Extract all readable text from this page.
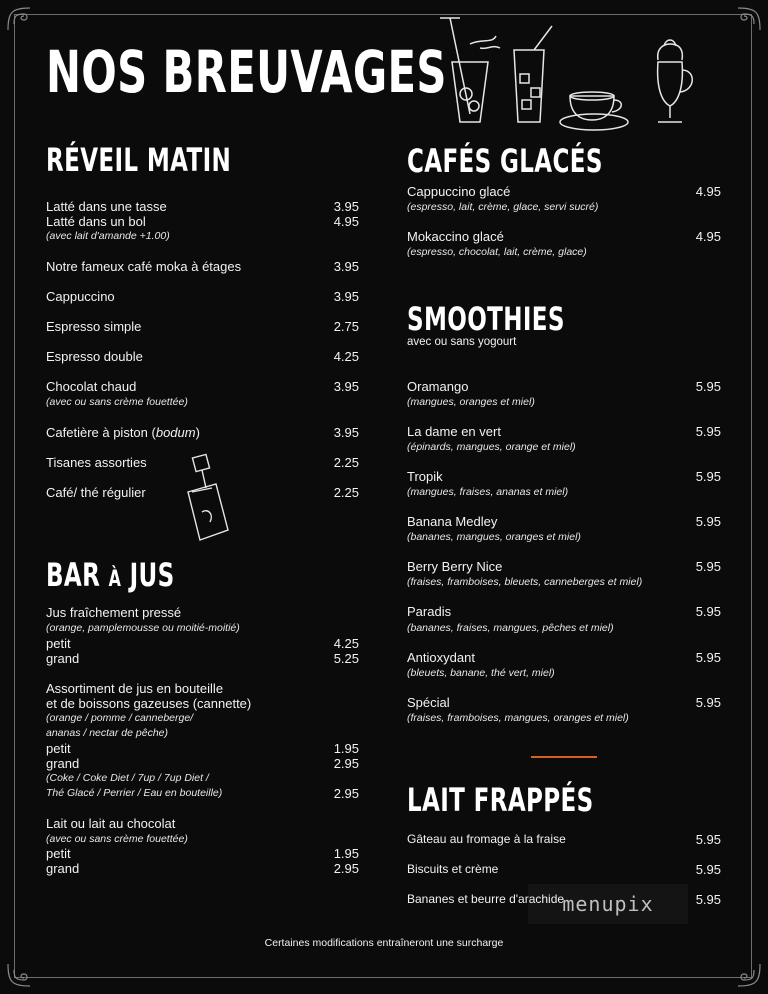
NOS BREUVAGES
RÉVEIL MATIN
Latté dans une tasse	3.95
Latté dans un bol	4.95
(avec lait d'amande +1.00)
Notre fameux café moka à étages	3.95
Cappuccino	3.95
Espresso simple	2.75
Espresso double	4.25
Chocolat chaud	3.95
(avec ou sans crème fouettée)
Cafetière à piston (bodum)	3.95
Tisanes assorties	2.25
Café/ thé régulier	2.25
BAR À JUS
Jus fraîchement pressé
(orange, pamplemousse ou moitié-moitié)
petit	4.25
grand	5.25
Assortiment de jus en bouteille
et de boissons gazeuses (cannette)
(orange / pomme / canneberge/
ananas / nectar de pêche)
petit	1.95
grand	2.95
(Coke / Coke Diet / 7up / 7up Diet /
Thé Glacé / Perrier / Eau en bouteille)	2.95
Lait ou lait au chocolat
(avec ou sans crème fouettée)
petit	1.95
grand	2.95
CAFÉS GLACÉS
Cappuccino glacé	4.95
(espresso, lait, crème, glace, servi sucré)
Mokaccino glacé	4.95
(espresso, chocolat, lait, crème, glace)
SMOOTHIES
avec ou sans yogourt
Oramango	5.95
(mangues, oranges et miel)
La dame en vert	5.95
(épinards, mangues, orange et miel)
Tropik	5.95
(mangues, fraises, ananas et miel)
Banana Medley	5.95
(bananes, mangues, oranges et miel)
Berry Berry Nice	5.95
(fraises, framboises, bleuets, canneberges et miel)
Paradis	5.95
(bananes, fraises, mangues, pêches et miel)
Antioxydant	5.95
(bleuets, banane, thé vert, miel)
Spécial	5.95
(fraises, framboises, mangues, oranges et miel)
LAIT FRAPPÉS
Gâteau au fromage à la fraise	5.95
Biscuits et crème	5.95
menupix
Bananes et beurre d'arachide	5.95
Certaines modifications entraîneront une surcharge
